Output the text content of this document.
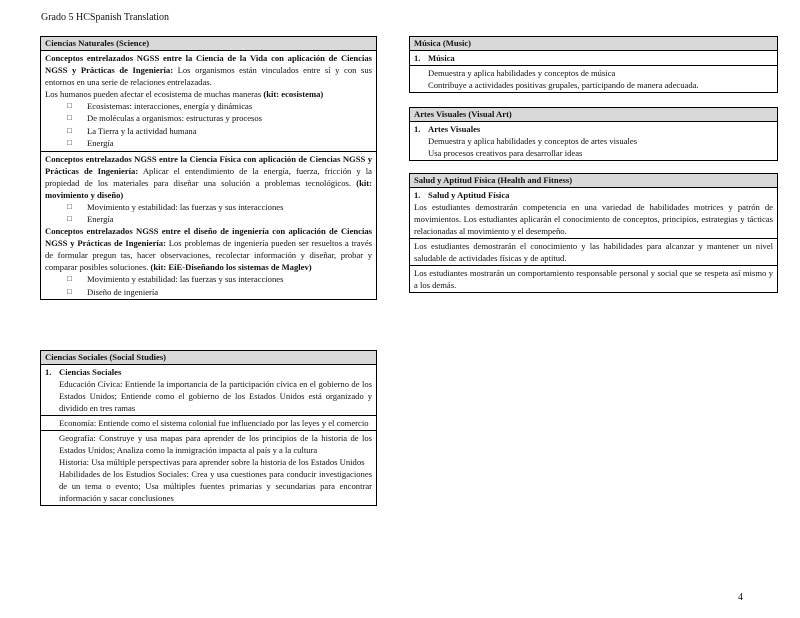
Grado 5 HCSpanish Translation
Ciencias Naturales (Science)

Conceptos entrelazados NGSS entre la Ciencia de la Vida con aplicación de Ciencias NGSS y Prácticas de Ingeniería: Los organismos están vinculados entre sí y con sus entornos en una serie de relaciones entrelazadas.

Los humanos pueden afectar el ecosistema de muchas maneras (kit: ecosistema)

□ Ecosistemas: interacciones, energía y dinámicas
□ De moléculas a organismos: estructuras y procesos
□ La Tierra y la actividad humana
□ Energía

Conceptos entrelazados NGSS entre la Ciencia Física con aplicación de Ciencias NGSS y Prácticas de Ingeniería: Aplicar el entendimiento de la energía, fuerza, fricción y la propiedad de los materiales para diseñar una solución a problemas tecnológicos. (kit: movimiento y diseño)

□ Movimiento y estabilidad: las fuerzas y sus interacciones
□ Energía

Conceptos entrelazados NGSS entre el diseño de ingeniería con aplicación de Ciencias NGSS y Prácticas de Ingeniería: Los problemas de ingeniería pueden ser resueltos a través de formular pregun tas, hacer observaciones, recolectar información y diseñar, probar y comparar posibles soluciones. (kit: EiE-Diseñando los sistemas de Maglev)

□ Movimiento y estabilidad: las fuerzas y sus interacciones
□ Diseño de ingeniería
Ciencias Sociales (Social Studies)
1. Ciencias Sociales

Educación Cívica: Entiende la importancia de la participación cívica en el gobierno de los Estados Unidos; Entiende como el gobierno de los Estados Unidos está organizado y dividido en tres ramas

Economía: Entiende como el sistema colonial fue influenciado por las leyes y el comercio

Geografía: Construye y usa mapas para aprender de los principios de la historia de los Estados Unidos; Analiza como la inmigración impacta al país y a la cultura

Historia: Usa múltiple perspectivas para aprender sobre la historia de los Estados Unidos

Habilidades de los Estudios Sociales: Crea y usa cuestiones para conducir investigaciones de un tema o evento; Usa múltiples fuentes primarias y secundarias para encontrar información y sacar conclusiones

Música (Music)
1. Música

Demuestra y aplica habilidades y conceptos de música

Contribuye a actividades positivas grupales, participando de manera adecuada.

Artes Visuales (Visual Art)
1. Artes Visuales

Demuestra y aplica habilidades y conceptos de artes visuales

Usa procesos creativos para desarrollar ideas

Salud y Aptitud Física (Health and Fitness)
1. Salud y Aptitud Física

Los estudiantes demostrarán competencia en una variedad de habilidades motrices y patrón de movimientos. Los estudiantes aplicarán el conocimiento de conceptos, principios, estrategias y tácticas relacionadas al movimiento y el desempeño.

Los estudiantes demostrarán el conocimiento y las habilidades para alcanzar y mantener un nivel saludable de actividades físicas y de aptitud.

Los estudiantes mostrarán un comportamiento responsable personal y social que se respeta así mismo y a los demás.

4
